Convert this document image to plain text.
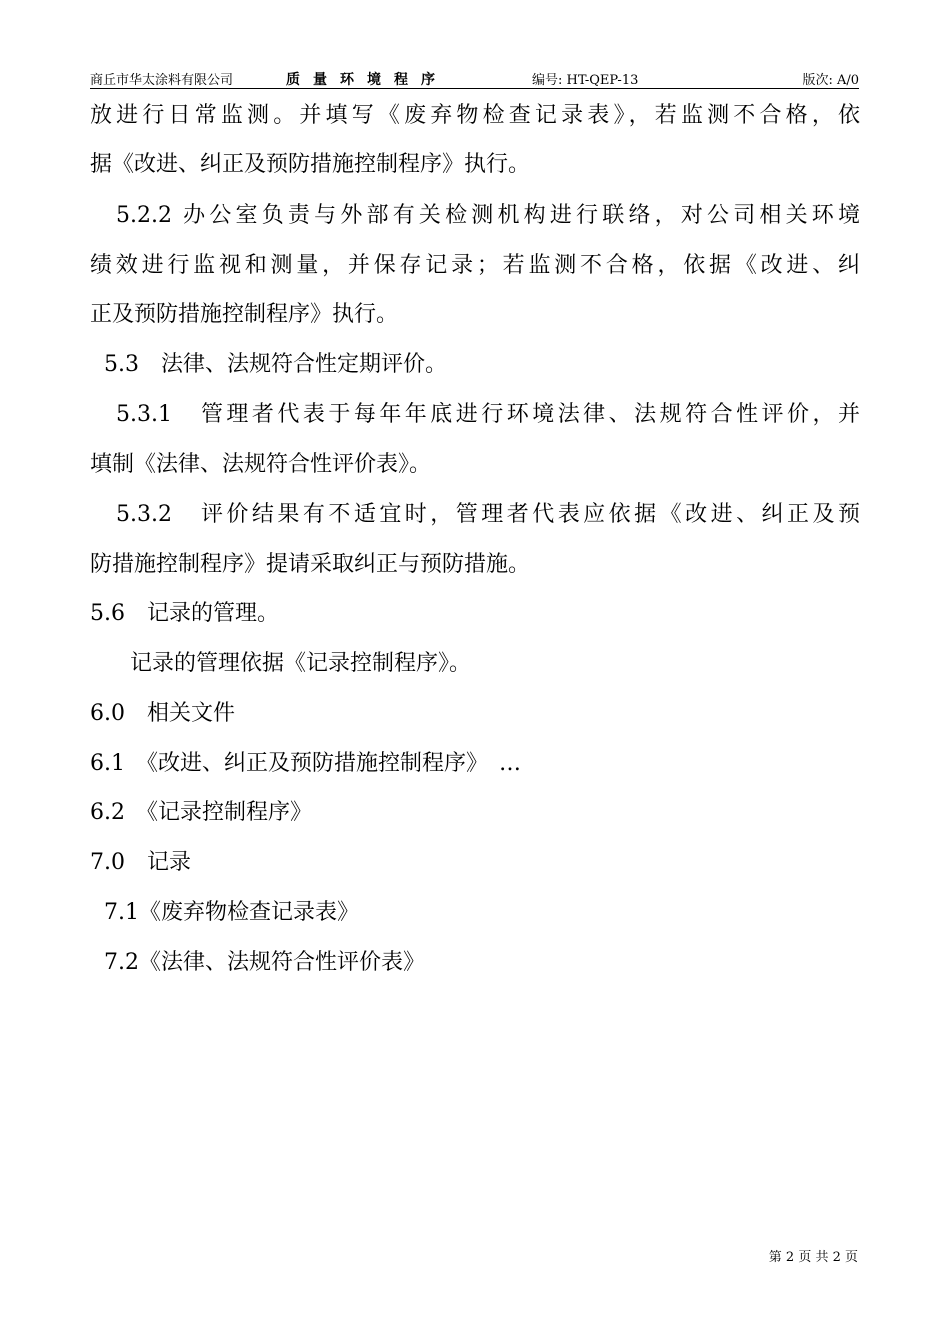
商丘市华太涂料有限公司	质量环境程序	编号: HT-QEP-13	版次: A/0
放进行日常监测。并填写《废弃物检查记录表》，若监测不合格，依
据《改进、纠正及预防措施控制程序》执行。
5.2.2 办公室负责与外部有关检测机构进行联络，对公司相关环境
绩效进行监视和测量，并保存记录；若监测不合格，依据《改进、纠
正及预防措施控制程序》执行。
5.3　法律、法规符合性定期评价。
5.3.1　管理者代表于每年年底进行环境法律、法规符合性评价，并
填制《法律、法规符合性评价表》。
5.3.2　评价结果有不适宜时，管理者代表应依据《改进、纠正及预
防措施控制程序》提请采取纠正与预防措施。
5.6　记录的管理。
记录的管理依据《记录控制程序》。
6.0　相关文件
6.1　《改进、纠正及预防措施控制程序》　…
6.2　《记录控制程序》
7.0　记录
7.1《废弃物检查记录表》
7.2《法律、法规符合性评价表》
第 2 页 共 2 页
